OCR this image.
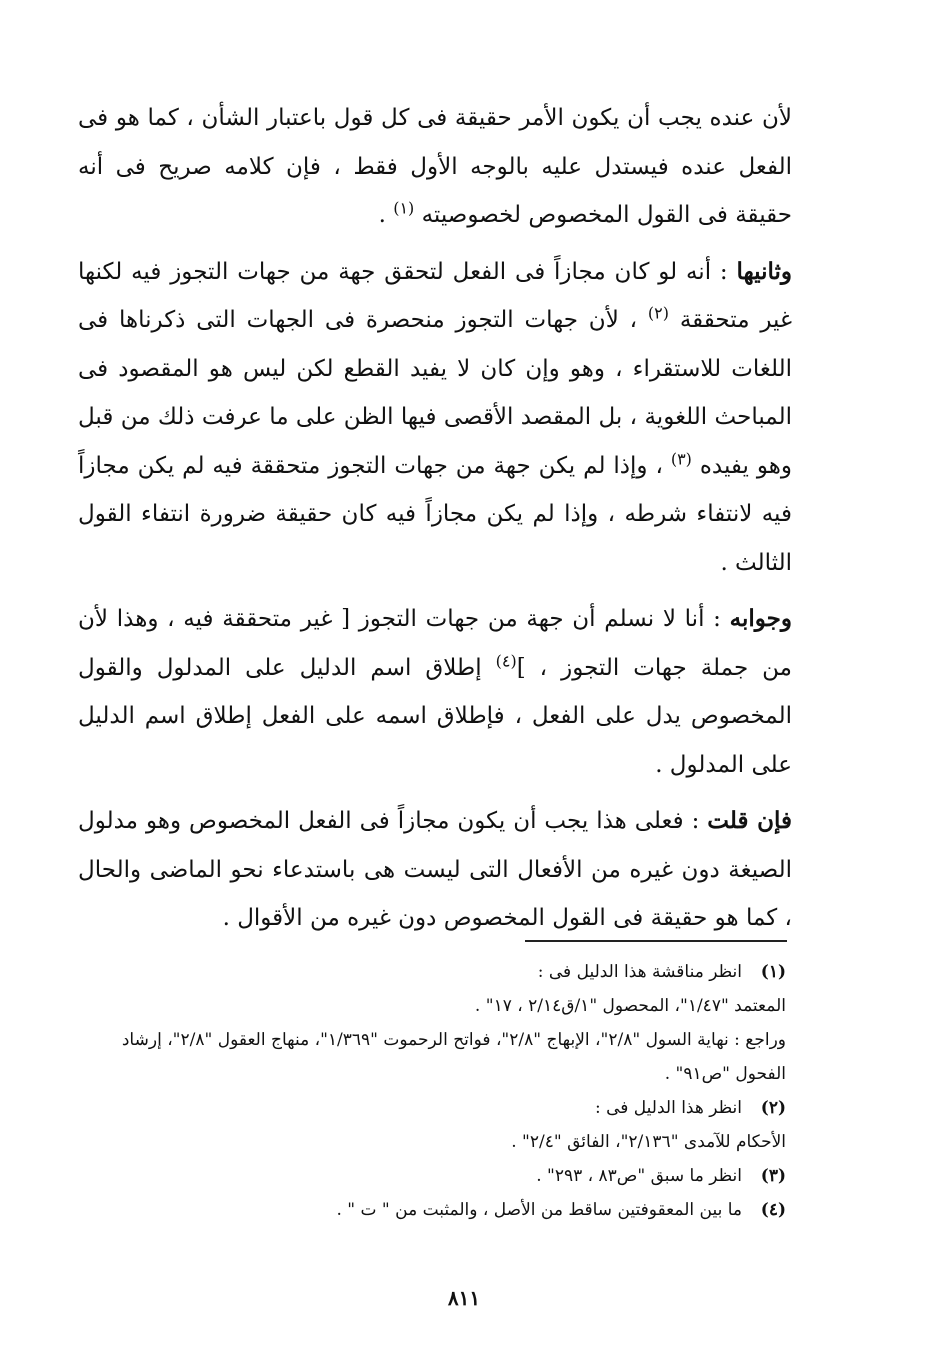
لأن عنده يجب أن يكون الأمر حقيقة فى كل قول باعتبار الشأن ، كما هو فى الفعل عنده فيستدل عليه بالوجه الأول فقط ، فإن كلامه صريح فى أنه حقيقة فى القول المخصوص لخصوصيته $^{(١)}$ .

وثانيها : أنه لو كان مجازاً فى الفعل لتحقق جهة من جهات التجوز فيه لكنها غير متحققة $^{(٢)}$ ، لأن جهات التجوز منحصرة فى الجهات التى ذكرناها فى اللغات للاستقراء ، وهو وإن كان لا يفيد القطع لكن ليس هو المقصود فى المباحث اللغوية ، بل المقصد الأقصى فيها الظن على ما عرفت ذلك من قبل وهو يفيده $^{(٣)}$ ، وإذا لم يكن جهة من جهات التجوز متحققة فيه لم يكن مجازاً فيه لانتفاء شرطه ، وإذا لم يكن مجازاً فيه كان حقيقة ضرورة انتفاء القول الثالث .

وجوابه : أنا لا نسلم أن جهة من جهات التجوز [ غير متحققة فيه ، وهذا لأن من جملة جهات التجوز ، ]$^{(٤)}$ إطلاق اسم الدليل على المدلول والقول المخصوص يدل على الفعل ، فإطلاق اسمه على الفعل إطلاق اسم الدليل على المدلول .

فإن قلت : فعلى هذا يجب أن يكون مجازاً فى الفعل المخصوص وهو مدلول الصيغة دون غيره من الأفعال التى ليست هى باستدعاء نحو الماضى والحال ، كما هو حقيقة فى القول المخصوص دون غيره من الأقوال .

(١)انظر مناقشة هذا الدليل فى :

المعتمد "١/٤٧"، المحصول "١/ق٢/١٤ ، ١٧" .

وراجع : نهاية السول "٢/٨"، الإبهاج "٢/٨"، فواتح الرحموت "١/٣٦٩"، منهاج العقول "٢/٨"، إرشاد الفحول "ص٩١" .

(٢)انظر هذا الدليل فى :

الأحكام للآمدى "٢/١٣٦"، الفائق "٢/٤" .

(٣)انظر ما سبق "ص٨٣ ، ٢٩٣" .

(٤)ما بين المعقوفتين ساقط من الأصل ، والمثبت من " ت " .

٨١١
